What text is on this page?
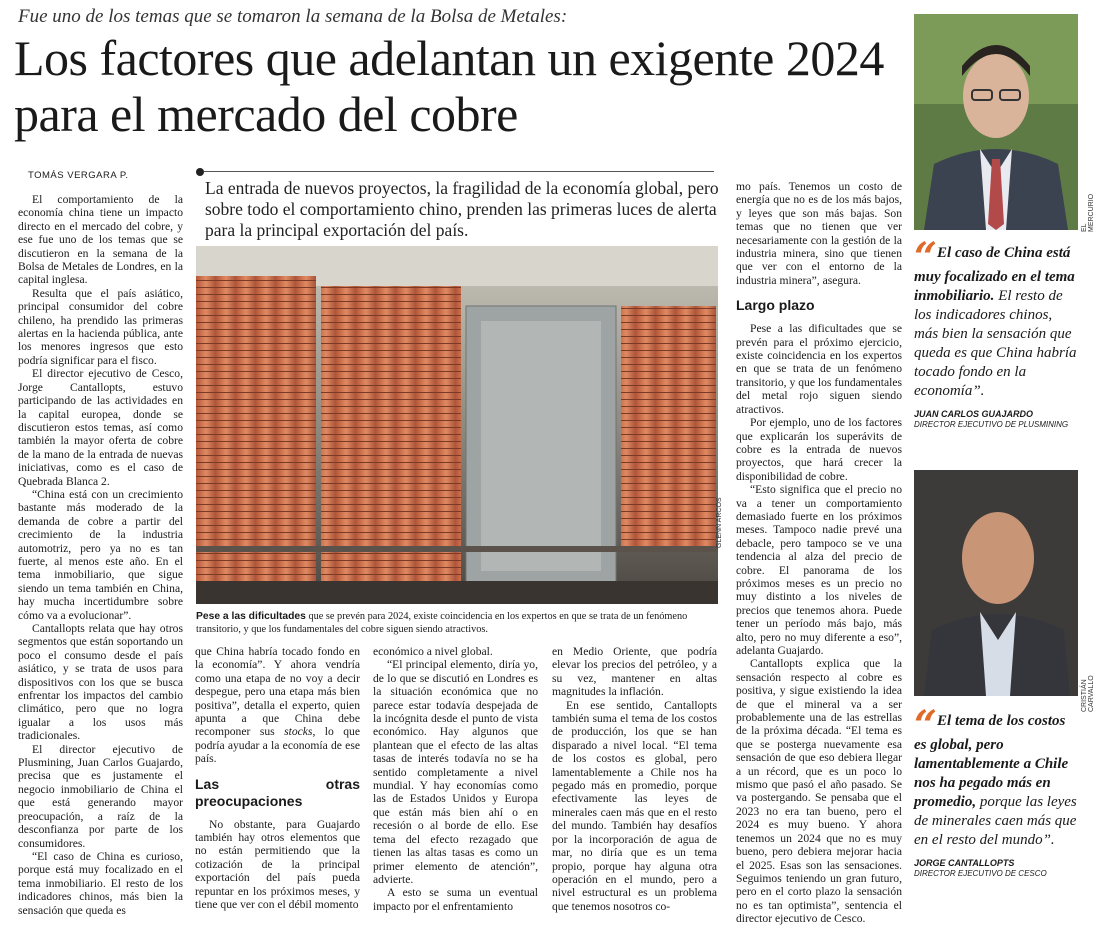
Fue uno de los temas que se tomaron la semana de la Bolsa de Metales:
Los factores que adelantan un exigente 2024 para el mercado del cobre
TOMÁS VERGARA P.
La entrada de nuevos proyectos, la fragilidad de la economía global, pero sobre todo el comportamiento chino, prenden las primeras luces de alerta para la principal exportación del país.

El comportamiento de la economía china tiene un impacto directo en el mercado del cobre, y ese fue uno de los temas que se discutieron en la semana de la Bolsa de Metales de Londres, en la capital inglesa.

Resulta que el país asiático, principal consumidor del cobre chileno, ha prendido las primeras alertas en la hacienda pública, ante los menores ingresos que esto podría significar para el fisco.

El director ejecutivo de Cesco, Jorge Cantallopts, estuvo participando de las actividades en la capital europea, donde se discutieron estos temas, así como también la mayor oferta de cobre de la mano de la entrada de nuevas iniciativas, como es el caso de Quebrada Blanca 2.

“China está con un crecimiento bastante más moderado de la demanda de cobre a partir del crecimiento de la industria automotriz, pero ya no es tan fuerte, al menos este año. En el tema inmobiliario, que sigue siendo un tema también en China, hay mucha incertidumbre sobre cómo va a evolucionar”.

Cantallopts relata que hay otros segmentos que están soportando un poco el consumo desde el país asiático, y se trata de usos para dispositivos con los que se busca enfrentar los impactos del cambio climático, pero que no logra igualar a los usos más tradicionales.

El director ejecutivo de Plusmining, Juan Carlos Guajardo, precisa que es justamente el negocio inmobiliario de China el que está generando mayor preocupación, a raíz de la desconfianza por parte de los consumidores.

“El caso de China es curioso, porque está muy focalizado en el tema inmobiliario. El resto de los indicadores chinos, más bien la sensación que queda es

GLENN ARCOS
Pese a las dificultades que se prevén para 2024, existe coincidencia en los expertos en que se trata de un fenómeno transitorio, y que los fundamentales del cobre siguen siendo atractivos.

que China habría tocado fondo en la economía”. Y ahora vendría como una etapa de no voy a decir despegue, pero una etapa más bien positiva”, detalla el experto, quien apunta a que China debe recomponer sus stocks, lo que podría ayudar a la economía de ese país.

Las otras preocupaciones

No obstante, para Guajardo también hay otros elementos que no están permitiendo que la cotización de la principal exportación del país pueda repuntar en los próximos meses, y tiene que ver con el débil momento

económico a nivel global.

“El principal elemento, diría yo, de lo que se discutió en Londres es la situación económica que no parece estar todavía despejada de la incógnita desde el punto de vista económico. Hay algunos que plantean que el efecto de las altas tasas de interés todavía no se ha sentido completamente a nivel mundial. Y hay economías como las de Estados Unidos y Europa que están más bien ahí o en recesión o al borde de ello. Ese tema del efecto rezagado que tienen las altas tasas es como un primer elemento de atención”, advierte.

A esto se suma un eventual impacto por el enfrentamiento

en Medio Oriente, que podría elevar los precios del petróleo, y a su vez, mantener en altas magnitudes la inflación.

En ese sentido, Cantallopts también suma el tema de los costos de producción, los que se han disparado a nivel local. “El tema de los costos es global, pero lamentablemente a Chile nos ha pegado más en promedio, porque efectivamente las leyes de minerales caen más que en el resto del mundo. También hay desafíos por la incorporación de agua de mar, no diría que es un tema propio, porque hay alguna otra operación en el mundo, pero a nivel estructural es un problema que tenemos nosotros co-

mo país. Tenemos un costo de energía que no es de los más bajos, y leyes que son más bajas. Son temas que no tienen que ver necesariamente con la gestión de la industria minera, sino que tienen que ver con el entorno de la industria minera”, asegura.

Largo plazo

Pese a las dificultades que se prevén para el próximo ejercicio, existe coincidencia en los expertos en que se trata de un fenómeno transitorio, y que los fundamentales del metal rojo siguen siendo atractivos.

Por ejemplo, uno de los factores que explicarán los superávits de cobre es la entrada de nuevos proyectos, que hará crecer la disponibilidad de cobre.

“Esto significa que el precio no va a tener un comportamiento demasiado fuerte en los próximos meses. Tampoco nadie prevé una debacle, pero tampoco se ve una tendencia al alza del precio de cobre. El panorama de los próximos meses es un precio no muy distinto a los niveles de precios que tenemos ahora. Puede tener un período más bajo, más alto, pero no muy diferente a eso”, adelanta Guajardo.

Cantallopts explica que la sensación respecto al cobre es positiva, y sigue existiendo la idea de que el mineral va a ser probablemente una de las estrellas de la próxima década. “El tema es que se posterga nuevamente esa sensación de que eso debiera llegar a un récord, que es un poco lo mismo que pasó el año pasado. Se va postergando. Se pensaba que el 2023 no era tan bueno, pero el 2024 es muy bueno. Y ahora tenemos un 2024 que no es muy bueno, pero debiera mejorar hacia el 2025. Esas son las sensaciones. Seguimos teniendo un gran futuro, pero en el corto plazo la sensación no es tan optimista”, sentencia el director ejecutivo de Cesco.

EL MERCURIO
“ El caso de China está muy focalizado en el tema inmobiliario. El resto de los indicadores chinos, más bien la sensación que queda es que China habría tocado fondo en la economía”.
JUAN CARLOS GUAJARDO
DIRECTOR EJECUTIVO DE PLUSMINING
CRISTIÁN CARVALLO
“ El tema de los costos es global, pero lamentablemente a Chile nos ha pegado más en promedio, porque las leyes de minerales caen más que en el resto del mundo”.
JORGE CANTALLOPTS
DIRECTOR EJECUTIVO DE CESCO
